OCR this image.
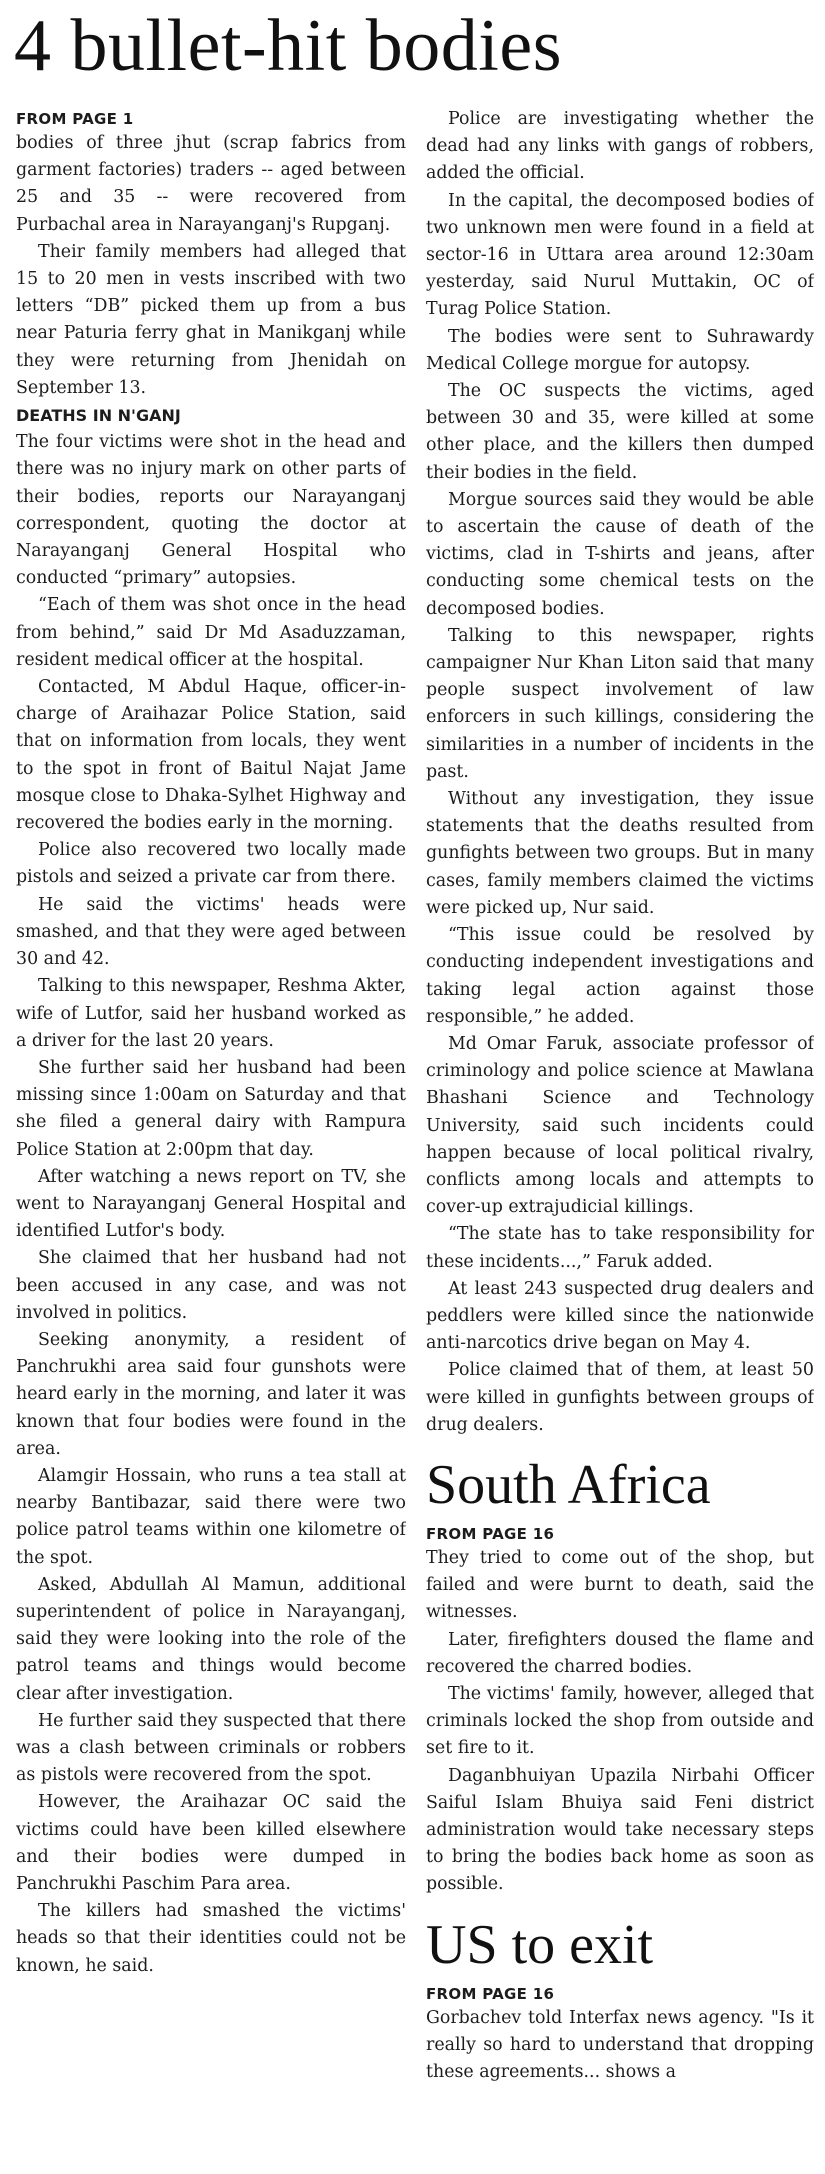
4 bullet-hit bodies
FROM PAGE 1

bodies of three jhut (scrap fabrics from garment factories) traders -- aged between 25 and 35 -- were recovered from Purbachal area in Narayanganj's Rupganj.

Their family members had alleged that 15 to 20 men in vests inscribed with two letters “DB” picked them up from a bus near Paturia ferry ghat in Manikganj while they were returning from Jhenidah on September 13.

DEATHS IN N'GANJ

The four victims were shot in the head and there was no injury mark on other parts of their bodies, reports our Narayanganj correspondent, quoting the doctor at Narayanganj General Hospital who conducted “primary” autopsies.

“Each of them was shot once in the head from behind,” said Dr Md Asaduzzaman, resident medical officer at the hospital.

Contacted, M Abdul Haque, officer-in-charge of Araihazar Police Station, said that on information from locals, they went to the spot in front of Baitul Najat Jame mosque close to Dhaka-Sylhet Highway and recovered the bodies early in the morning.

Police also recovered two locally made pistols and seized a private car from there.

He said the victims' heads were smashed, and that they were aged between 30 and 42.

Talking to this newspaper, Reshma Akter, wife of Lutfor, said her husband worked as a driver for the last 20 years.

She further said her husband had been missing since 1:00am on Saturday and that she filed a general dairy with Rampura Police Station at 2:00pm that day.

After watching a news report on TV, she went to Narayanganj General Hospital and identified Lutfor's body.

She claimed that her husband had not been accused in any case, and was not involved in politics.

Seeking anonymity, a resident of Panchrukhi area said four gunshots were heard early in the morning, and later it was known that four bodies were found in the area.

Alamgir Hossain, who runs a tea stall at nearby Bantibazar, said there were two police patrol teams within one kilometre of the spot.

Asked, Abdullah Al Mamun, additional superintendent of police in Narayanganj, said they were looking into the role of the patrol teams and things would become clear after investigation.

He further said they suspected that there was a clash between criminals or robbers as pistols were recovered from the spot.

However, the Araihazar OC said the victims could have been killed elsewhere and their bodies were dumped in Panchrukhi Paschim Para area.

The killers had smashed the victims' heads so that their identities could not be known, he said.

Police are investigating whether the dead had any links with gangs of robbers, added the official.

In the capital, the decomposed bodies of two unknown men were found in a field at sector-16 in Uttara area around 12:30am yesterday, said Nurul Muttakin, OC of Turag Police Station.

The bodies were sent to Suhrawardy Medical College morgue for autopsy.

The OC suspects the victims, aged between 30 and 35, were killed at some other place, and the killers then dumped their bodies in the field.

Morgue sources said they would be able to ascertain the cause of death of the victims, clad in T-shirts and jeans, after conducting some chemical tests on the decomposed bodies.

Talking to this newspaper, rights campaigner Nur Khan Liton said that many people suspect involvement of law enforcers in such killings, considering the similarities in a number of incidents in the past.

Without any investigation, they issue statements that the deaths resulted from gunfights between two groups. But in many cases, family members claimed the victims were picked up, Nur said.

“This issue could be resolved by conducting independent investigations and taking legal action against those responsible,” he added.

Md Omar Faruk, associate professor of criminology and police science at Mawlana Bhashani Science and Technology University, said such incidents could happen because of local political rivalry, conflicts among locals and attempts to cover-up extrajudicial killings.

“The state has to take responsibility for these incidents...,” Faruk added.

At least 243 suspected drug dealers and peddlers were killed since the nationwide anti-narcotics drive began on May 4.

Police claimed that of them, at least 50 were killed in gunfights between groups of drug dealers.

South Africa
FROM PAGE 16

They tried to come out of the shop, but failed and were burnt to death, said the witnesses.

Later, firefighters doused the flame and recovered the charred bodies.

The victims' family, however, alleged that criminals locked the shop from outside and set fire to it.

Daganbhuiyan Upazila Nirbahi Officer Saiful Islam Bhuiya said Feni district administration would take necessary steps to bring the bodies back home as soon as possible.

US to exit
FROM PAGE 16

Gorbachev told Interfax news agency. "Is it really so hard to understand that dropping these agreements... shows a
